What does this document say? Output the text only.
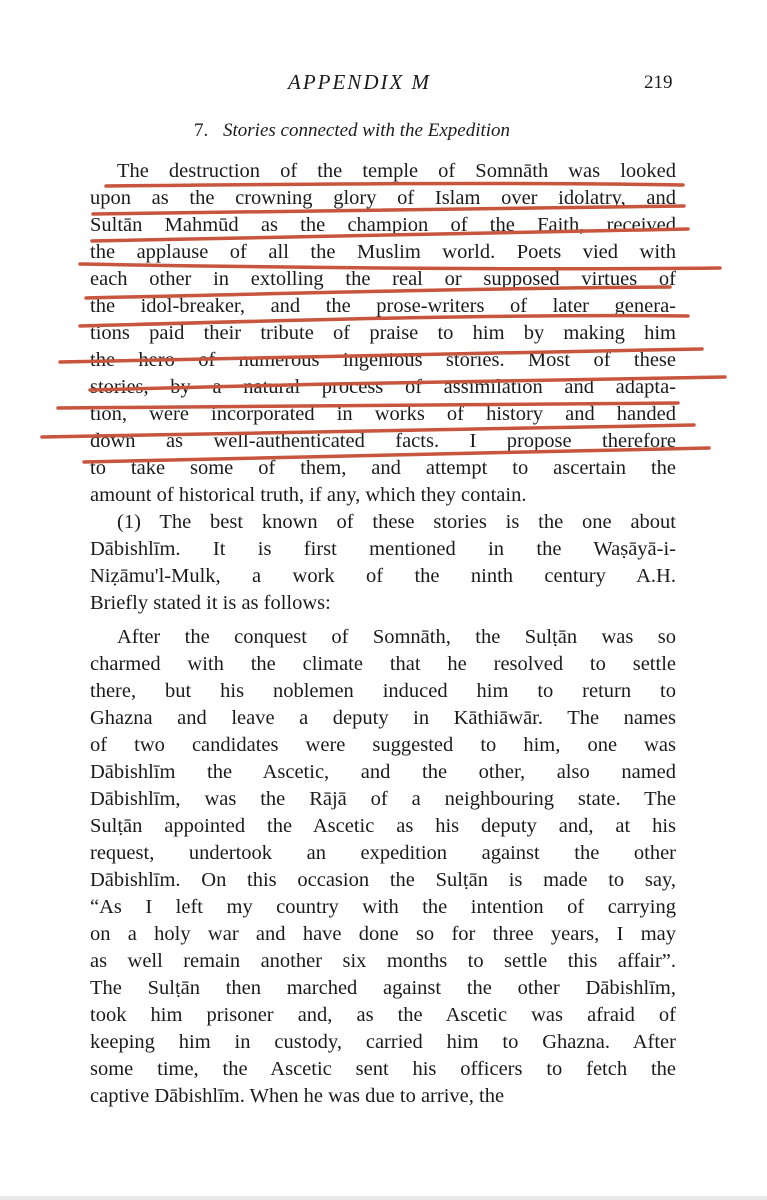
APPENDIX M	219
7. Stories connected with the Expedition
The destruction of the temple of Somnāth was looked
upon as the crowning glory of Islam over idolatry, and
Sultān Mahmūd as the champion of the Faith, received
the applause of all the Muslim world. Poets vied with
each other in extolling the real or supposed virtues of
the idol-breaker, and the prose-writers of later genera-
tions paid their tribute of praise to him by making him
the hero of numerous ingenious stories. Most of these
stories, by a natural process of assimilation and adapta-
tion, were incorporated in works of history and handed
down as well-authenticated facts. I propose therefore
to take some of them, and attempt to ascertain the
amount of historical truth, if any, which they contain.
(1) The best known of these stories is the one about
Dābishlīm. It is first mentioned in the Waṣāyā-i-
Niẓāmu'l-Mulk, a work of the ninth century A.H.
Briefly stated it is as follows:
After the conquest of Somnāth, the Sulṭān was so
charmed with the climate that he resolved to settle
there, but his noblemen induced him to return to
Ghazna and leave a deputy in Kāthiāwār. The names
of two candidates were suggested to him, one was
Dābishlīm the Ascetic, and the other, also named
Dābishlīm, was the Rājā of a neighbouring state. The
Sulṭān appointed the Ascetic as his deputy and, at his
request, undertook an expedition against the other
Dābishlīm. On this occasion the Sulṭān is made to say,
“As I left my country with the intention of carrying
on a holy war and have done so for three years, I may
as well remain another six months to settle this affair”.
The Sulṭān then marched against the other Dābishlīm,
took him prisoner and, as the Ascetic was afraid of
keeping him in custody, carried him to Ghazna. After
some time, the Ascetic sent his officers to fetch the
captive Dābishlīm. When he was due to arrive, the
